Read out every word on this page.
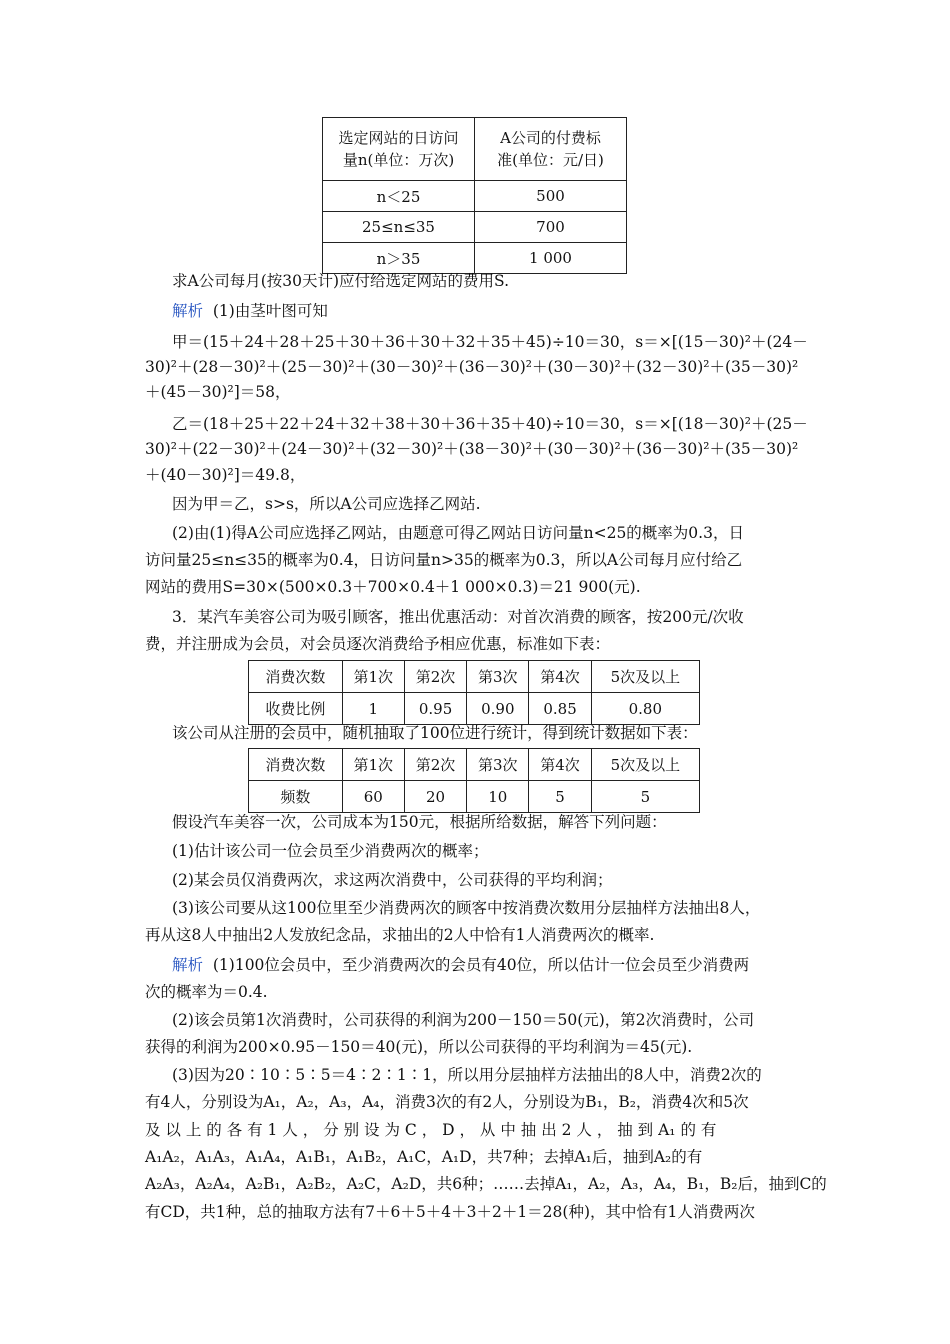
选定网站的日访问
量n(单位：万次)	A公司的付费标
准(单位：元/日)
n＜25	500
25≤n≤35	700
n＞35	1 000
求A公司每月(按30天计)应付给选定网站的费用S.
解析 (1)由茎叶图可知
甲＝(15＋24＋28＋25＋30＋36＋30＋32＋35＋45)÷10＝30，s＝×[(15－30)²＋(24－
30)²＋(28－30)²＋(25－30)²＋(30－30)²＋(36－30)²＋(30－30)²＋(32－30)²＋(35－30)²
＋(45－30)²]＝58，
乙＝(18＋25＋22＋24＋32＋38＋30＋36＋35＋40)÷10＝30，s＝×[(18－30)²＋(25－
30)²＋(22－30)²＋(24－30)²＋(32－30)²＋(38－30)²＋(30－30)²＋(36－30)²＋(35－30)²
＋(40－30)²]＝49.8，
因为甲＝乙，s>s，所以A公司应选择乙网站.
(2)由(1)得A公司应选择乙网站，由题意可得乙网站日访问量n<25的概率为0.3，日
访问量25≤n≤35的概率为0.4，日访问量n>35的概率为0.3，所以A公司每月应付给乙
网站的费用S=30×(500×0.3＋700×0.4＋1 000×0.3)＝21 900(元).
3．某汽车美容公司为吸引顾客，推出优惠活动：对首次消费的顾客，按200元/次收
费，并注册成为会员，对会员逐次消费给予相应优惠，标准如下表：
消费次数	第1次	第2次	第3次	第4次	5次及以上
收费比例	1	0.95	0.90	0.85	0.80
该公司从注册的会员中，随机抽取了100位进行统计，得到统计数据如下表：
消费次数	第1次	第2次	第3次	第4次	5次及以上
频数	60	20	10	5	5
假设汽车美容一次，公司成本为150元，根据所给数据，解答下列问题：
(1)估计该公司一位会员至少消费两次的概率；
(2)某会员仅消费两次，求这两次消费中，公司获得的平均利润；
(3)该公司要从这100位里至少消费两次的顾客中按消费次数用分层抽样方法抽出8人，
再从这8人中抽出2人发放纪念品，求抽出的2人中恰有1人消费两次的概率.
解析 (1)100位会员中，至少消费两次的会员有40位，所以估计一位会员至少消费两
次的概率为＝0.4.
(2)该会员第1次消费时，公司获得的利润为200－150＝50(元)，第2次消费时，公司
获得的利润为200×0.95－150＝40(元)，所以公司获得的平均利润为＝45(元).
(3)因为20∶10∶5∶5＝4∶2∶1∶1，所以用分层抽样方法抽出的8人中，消费2次的
有4人，分别设为A₁，A₂，A₃，A₄，消费3次的有2人，分别设为B₁，B₂，消费4次和5次
及 以 上 的 各 有 1 人 ， 分 别 设 为 C ， D ， 从 中 抽 出 2 人 ， 抽 到 A₁ 的 有
A₁A₂，A₁A₃，A₁A₄，A₁B₁，A₁B₂，A₁C，A₁D，共7种；去掉A₁后，抽到A₂的有
A₂A₃，A₂A₄，A₂B₁，A₂B₂，A₂C，A₂D，共6种；……去掉A₁，A₂，A₃，A₄，B₁，B₂后，抽到C的
有CD，共1种，总的抽取方法有7＋6＋5＋4＋3＋2＋1＝28(种)，其中恰有1人消费两次
